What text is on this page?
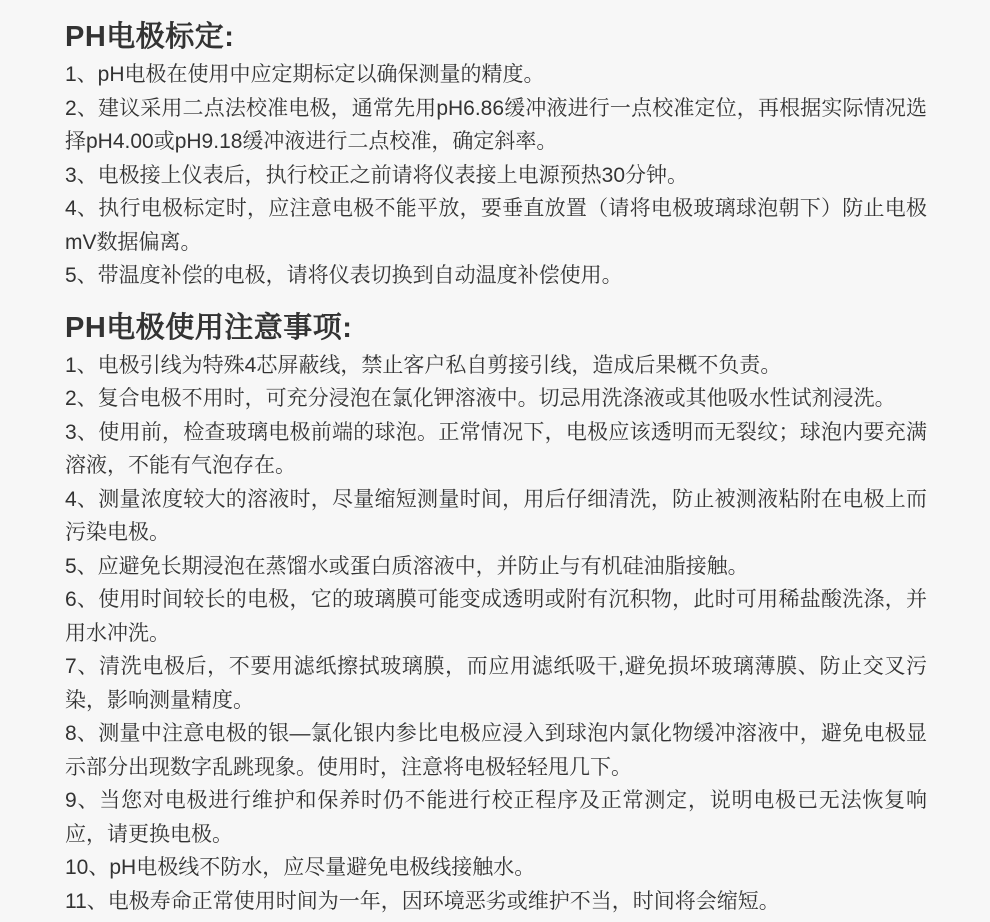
PH电极标定:

1、pH电极在使用中应定期标定以确保测量的精度。

2、建议采用二点法校准电极，通常先用pH6.86缓冲液进行一点校准定位，再根据实际情况选择pH4.00或pH9.18缓冲液进行二点校准，确定斜率。

3、电极接上仪表后，执行校正之前请将仪表接上电源预热30分钟。

4、执行电极标定时，应注意电极不能平放，要垂直放置（请将电极玻璃球泡朝下）防止电极mV数据偏离。

5、带温度补偿的电极，请将仪表切换到自动温度补偿使用。

PH电极使用注意事项:

1、电极引线为特殊4芯屏蔽线，禁止客户私自剪接引线，造成后果概不负责。

2、复合电极不用时，可充分浸泡在氯化钾溶液中。切忌用洗涤液或其他吸水性试剂浸洗。

3、使用前，检查玻璃电极前端的球泡。正常情况下，电极应该透明而无裂纹；球泡内要充满溶液，不能有气泡存在。

4、测量浓度较大的溶液时，尽量缩短测量时间，用后仔细清洗，防止被测液粘附在电极上而污染电极。

5、应避免长期浸泡在蒸馏水或蛋白质溶液中，并防止与有机硅油脂接触。

6、使用时间较长的电极，它的玻璃膜可能变成透明或附有沉积物，此时可用稀盐酸洗涤，并用水冲洗。

7、清洗电极后，不要用滤纸擦拭玻璃膜，而应用滤纸吸干,避免损坏玻璃薄膜、防止交叉污染，影响测量精度。

8、测量中注意电极的银—氯化银内参比电极应浸入到球泡内氯化物缓冲溶液中，避免电极显示部分出现数字乱跳现象。使用时，注意将电极轻轻甩几下。

9、当您对电极进行维护和保养时仍不能进行校正程序及正常测定，说明电极已无法恢复响应，请更换电极。

10、pH电极线不防水，应尽量避免电极线接触水。

11、电极寿命正常使用时间为一年，因环境恶劣或维护不当，时间将会缩短。
